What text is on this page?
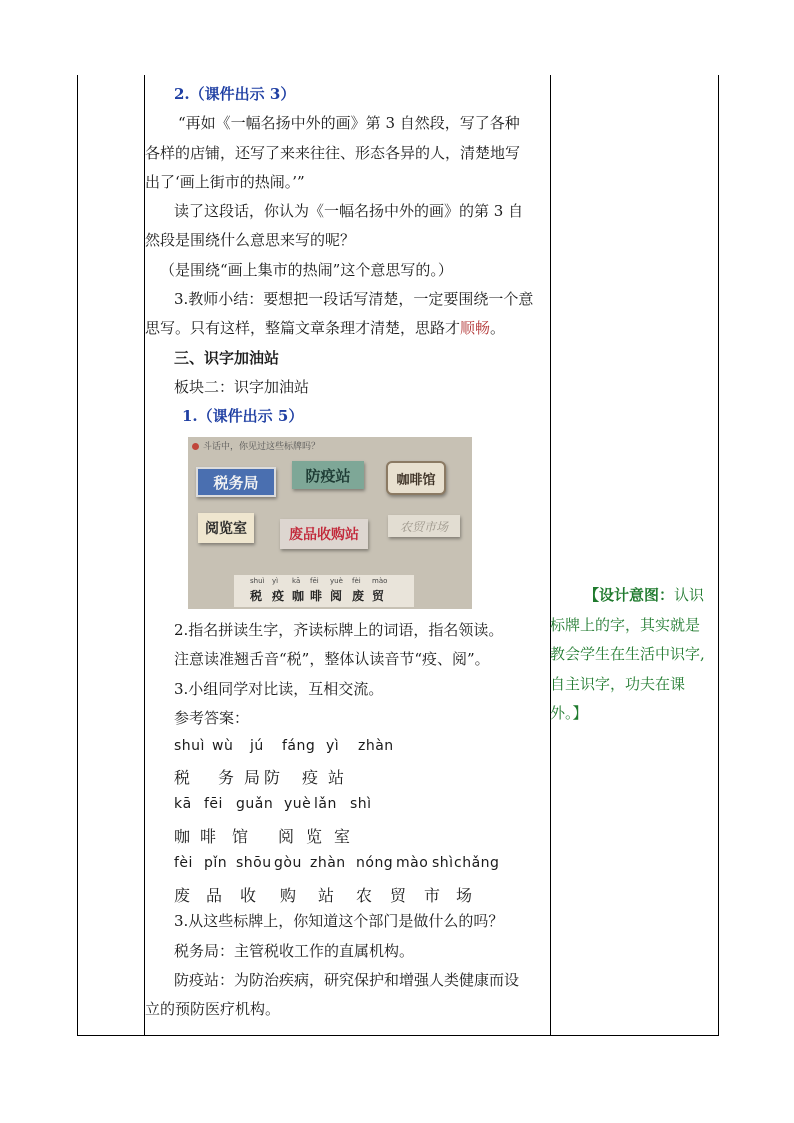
2.（课件出示 3）
“再如《一幅名扬中外的画》第 3 自然段，写了各种
各样的店铺，还写了来来往往、形态各异的人，清楚地写
出了‘画上街市的热闹。’”
读了这段话，你认为《一幅名扬中外的画》的第 3 自
然段是围绕什么意思来写的呢？
（是围绕“画上集市的热闹”这个意思写的。）
3.教师小结：要想把一段话写清楚，一定要围绕一个意
思写。只有这样，整篇文章条理才清楚，思路才顺畅。
三、识字加油站
板块二：识字加油站
1.（课件出示 5）
斗话中，你见过这些标牌吗？
税务局	防疫站	咖啡馆
阅览室	废品收购站
农贸市场
shuì yì kā fēi yuè fèi mào
税 疫 咖 啡 阅 废 贸
2.指名拼读生字，齐读标牌上的词语，指名领读。
注意读准翘舌音“税”，整体认读音节“疫、阅”。
3.小组同学对比读，互相交流。
参考答案：
shuì wù jú fáng yì zhàn
税 务 局 防 疫 站
kā fēi guǎn yuè lǎn shì
咖 啡 馆 阅 览 室
fèi pǐn shōu gòu zhàn nóng mào shì chǎng
废 品 收 购 站 农 贸 市 场
3.从这些标牌上，你知道这个部门是做什么的吗？
税务局：主管税收工作的直属机构。
防疫站：为防治疾病，研究保护和增强人类健康而设
立的预防医疗机构。
【设计意图：认识
标牌上的字，其实就是
教会学生在生活中识字,
自主识字，功夫在课
外。】
